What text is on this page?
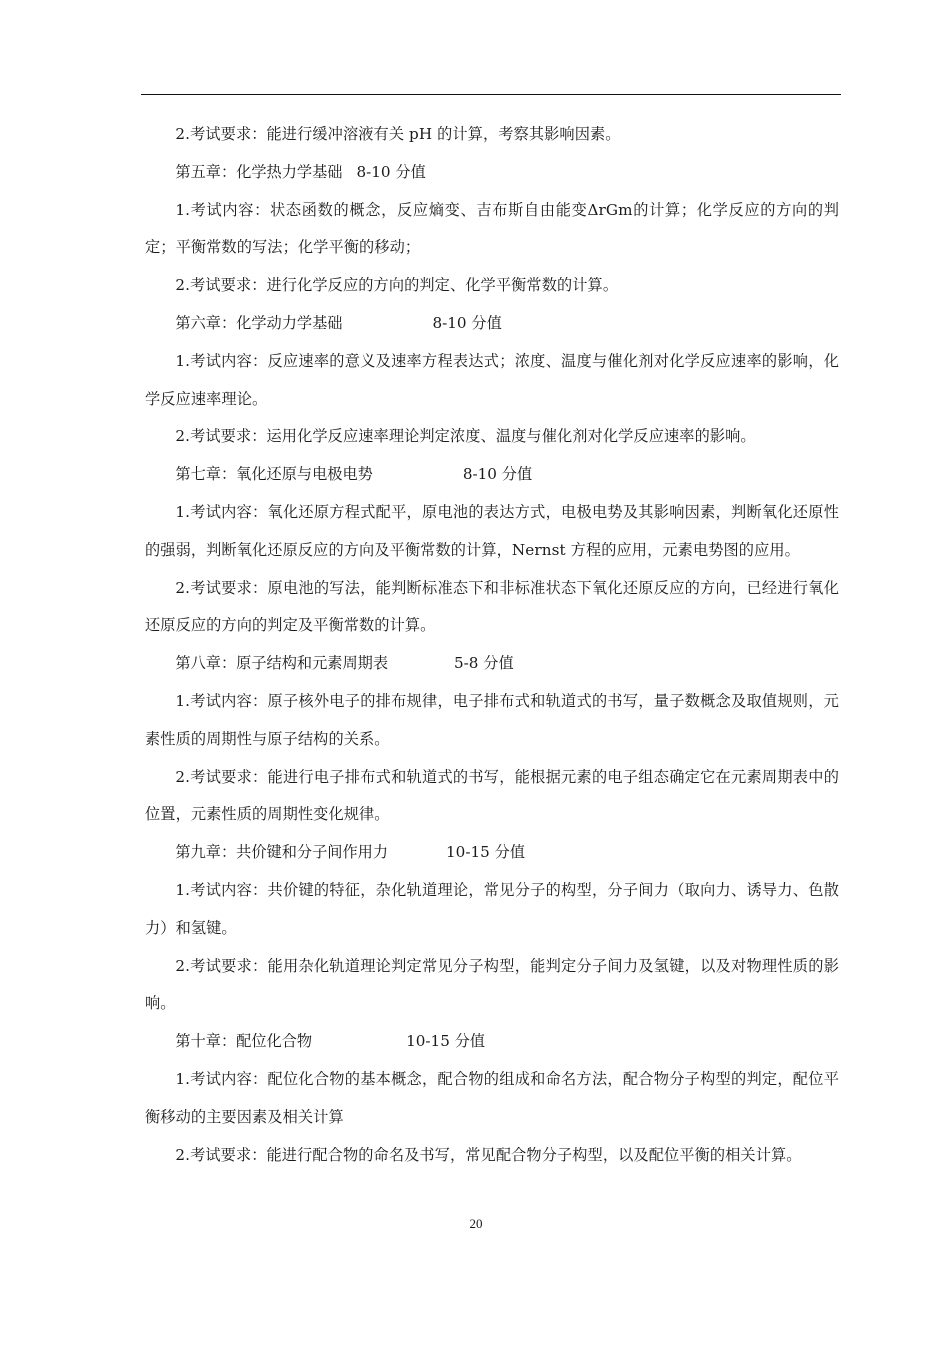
2.考试要求：能进行缓冲溶液有关 pH 的计算，考察其影响因素。

第五章：化学热力学基础 8-10 分值

1.考试内容：状态函数的概念，反应熵变、吉布斯自由能变ΔrGm的计算；化学反应的方向的判定；平衡常数的写法；化学平衡的移动；

2.考试要求：进行化学反应的方向的判定、化学平衡常数的计算。

第六章：化学动力学基础	8-10 分值

1.考试内容：反应速率的意义及速率方程表达式；浓度、温度与催化剂对化学反应速率的影响，化学反应速率理论。

2.考试要求：运用化学反应速率理论判定浓度、温度与催化剂对化学反应速率的影响。

第七章：氧化还原与电极电势	8-10 分值

1.考试内容：氧化还原方程式配平，原电池的表达方式，电极电势及其影响因素，判断氧化还原性的强弱，判断氧化还原反应的方向及平衡常数的计算，Nernst 方程的应用，元素电势图的应用。

2.考试要求：原电池的写法，能判断标准态下和非标准状态下氧化还原反应的方向，已经进行氧化还原反应的方向的判定及平衡常数的计算。

第八章：原子结构和元素周期表	5-8 分值

1.考试内容：原子核外电子的排布规律，电子排布式和轨道式的书写，量子数概念及取值规则，元素性质的周期性与原子结构的关系。

2.考试要求：能进行电子排布式和轨道式的书写，能根据元素的电子组态确定它在元素周期表中的位置，元素性质的周期性变化规律。

第九章：共价键和分子间作用力	10-15 分值

1.考试内容：共价键的特征，杂化轨道理论，常见分子的构型，分子间力（取向力、诱导力、色散力）和氢键。

2.考试要求：能用杂化轨道理论判定常见分子构型，能判定分子间力及氢键，以及对物理性质的影响。

第十章：配位化合物	10-15 分值

1.考试内容：配位化合物的基本概念，配合物的组成和命名方法，配合物分子构型的判定，配位平衡移动的主要因素及相关计算

2.考试要求：能进行配合物的命名及书写，常见配合物分子构型，以及配位平衡的相关计算。

20
